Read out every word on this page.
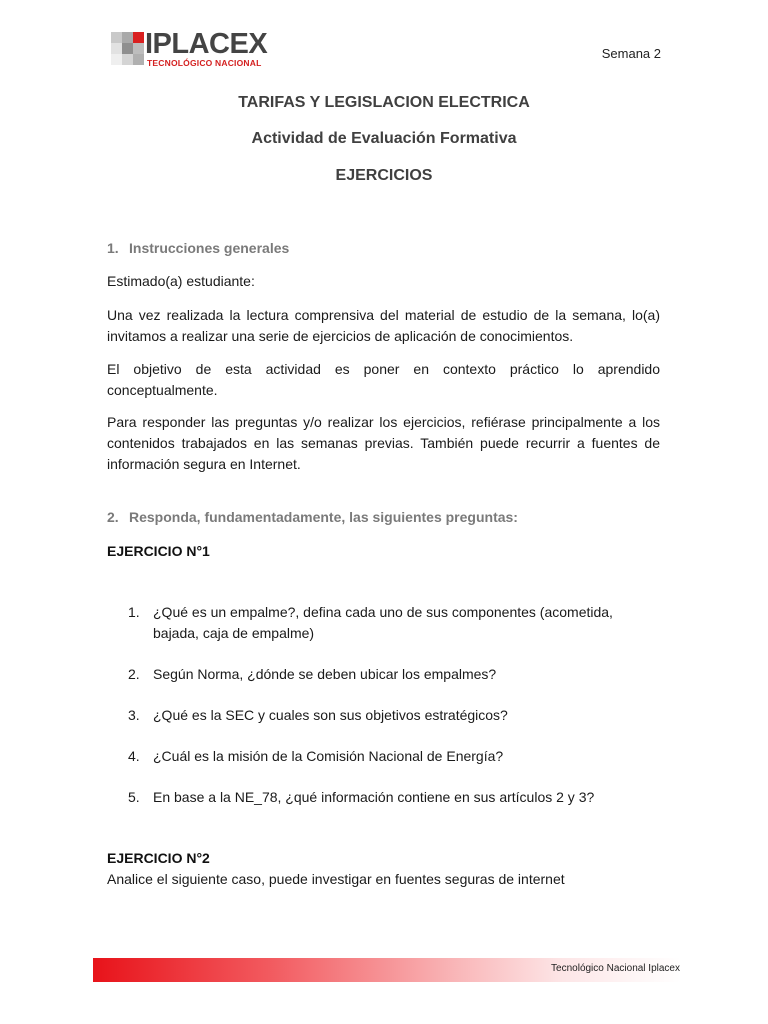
IPLACEX
TECNOLÓGICO NACIONAL
Semana 2
TARIFAS Y LEGISLACION ELECTRICA
Actividad de Evaluación Formativa
EJERCICIOS
1. Instrucciones generales

Estimado(a) estudiante:

Una vez realizada la lectura comprensiva del material de estudio de la semana, lo(a) invitamos a realizar una serie de ejercicios de aplicación de conocimientos.

El objetivo de esta actividad es poner en contexto práctico lo aprendido conceptualmente.

Para responder las preguntas y/o realizar los ejercicios, refiérase principalmente a los contenidos trabajados en las semanas previas. También puede recurrir a fuentes de información segura en Internet.

2. Responda, fundamentadamente, las siguientes preguntas:
EJERCICIO N°1
1. ¿Qué es un empalme?, defina cada uno de sus componentes (acometida, bajada, caja de empalme)
2. Según Norma, ¿dónde se deben ubicar los empalmes?
3. ¿Qué es la SEC y cuales son sus objetivos estratégicos?
4. ¿Cuál es la misión de la Comisión Nacional de Energía?
5. En base a la NE_78, ¿qué información contiene en sus artículos 2 y 3?
EJERCICIO N°2
Analice el siguiente caso, puede investigar en fuentes seguras de internet
Tecnológico Nacional Iplacex
